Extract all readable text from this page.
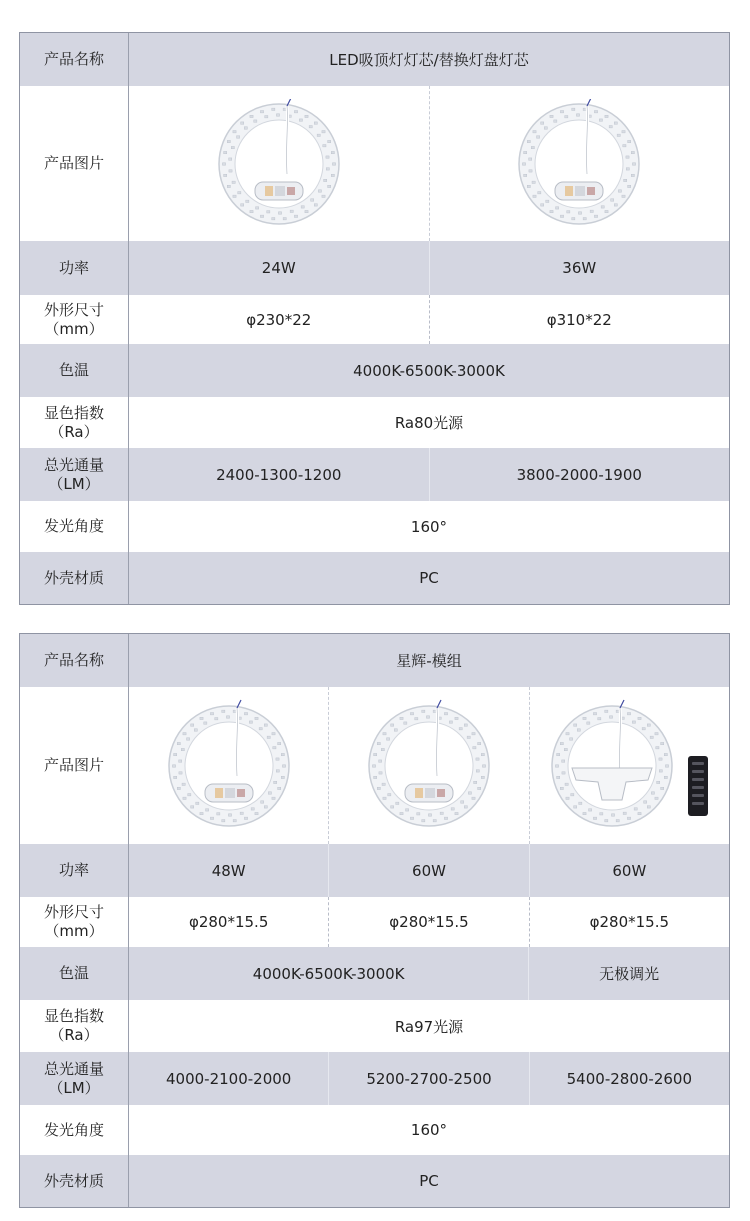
产品名称	LED吸顶灯灯芯/替换灯盘灯芯
产品图片
功率	24W	36W
外形尺寸
（mm）	φ230*22	φ310*22
色温	4000K-6500K-3000K
显色指数
（Ra）	Ra80光源
总光通量
（LM）	2400-1300-1200	3800-2000-1900
发光角度	160°
外壳材质	PC
产品名称	星辉-模组
产品图片
功率	48W	60W	60W
外形尺寸
（mm）	φ280*15.5	φ280*15.5	φ280*15.5
色温	4000K-6500K-3000K	无极调光
显色指数
（Ra）	Ra97光源
总光通量
（LM）	4000-2100-2000	5200-2700-2500	5400-2800-2600
发光角度	160°
外壳材质	PC
